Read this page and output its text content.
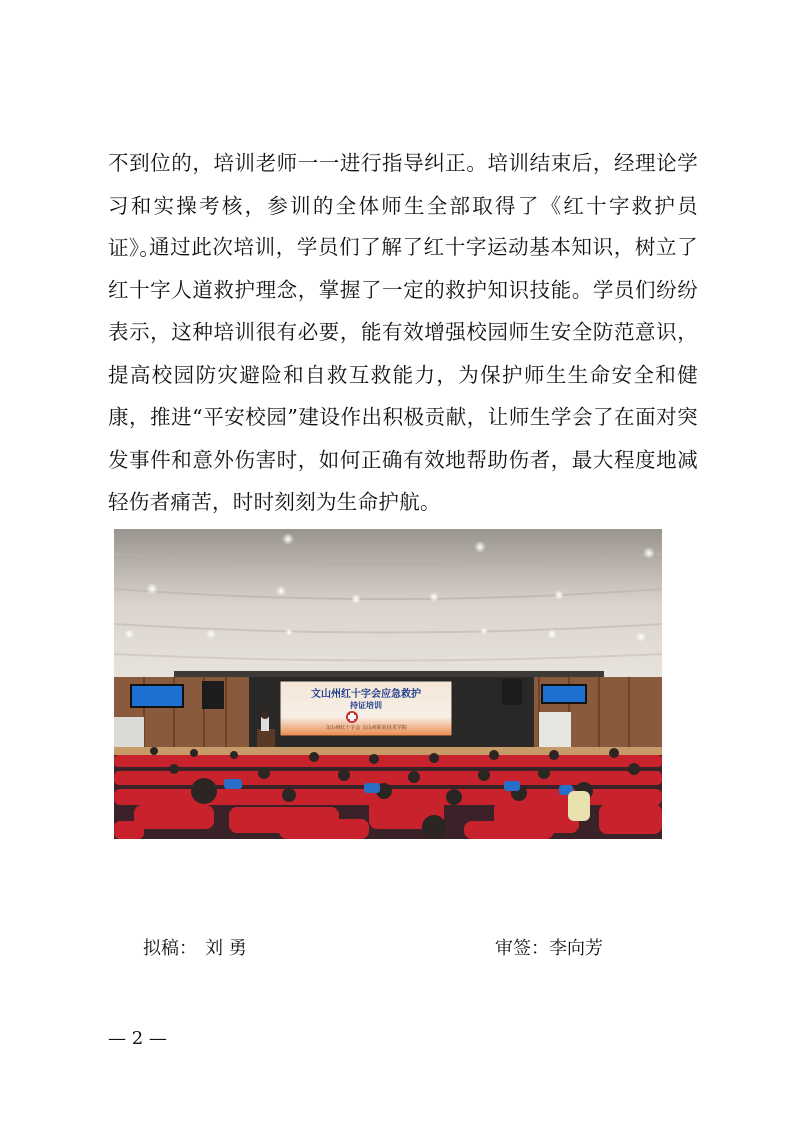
不到位的，培训老师一一进行指导纠正。培训结束后，经理论学习和实操考核，参训的全体师生全部取得了《红十字救护员证》。

通过此次培训，学员们了解了红十字运动基本知识，树立了红十字人道救护理念，掌握了一定的救护知识技能。学员们纷纷表示，这种培训很有必要，能有效增强校园师生安全防范意识，提高校园防灾避险和自救互救能力，为保护师生生命安全和健康，推进“平安校园”建设作出积极贡献，让师生学会了在面对突发事件和意外伤害时，如何正确有效地帮助伤者，最大程度地减轻伤者痛苦，时时刻刻为生命护航。

文山州红十字会应急救护
持证培训
文山州红十字会 文山州职业技术学院

拟稿： 刘 勇	审签：李向芳

— 2 —
